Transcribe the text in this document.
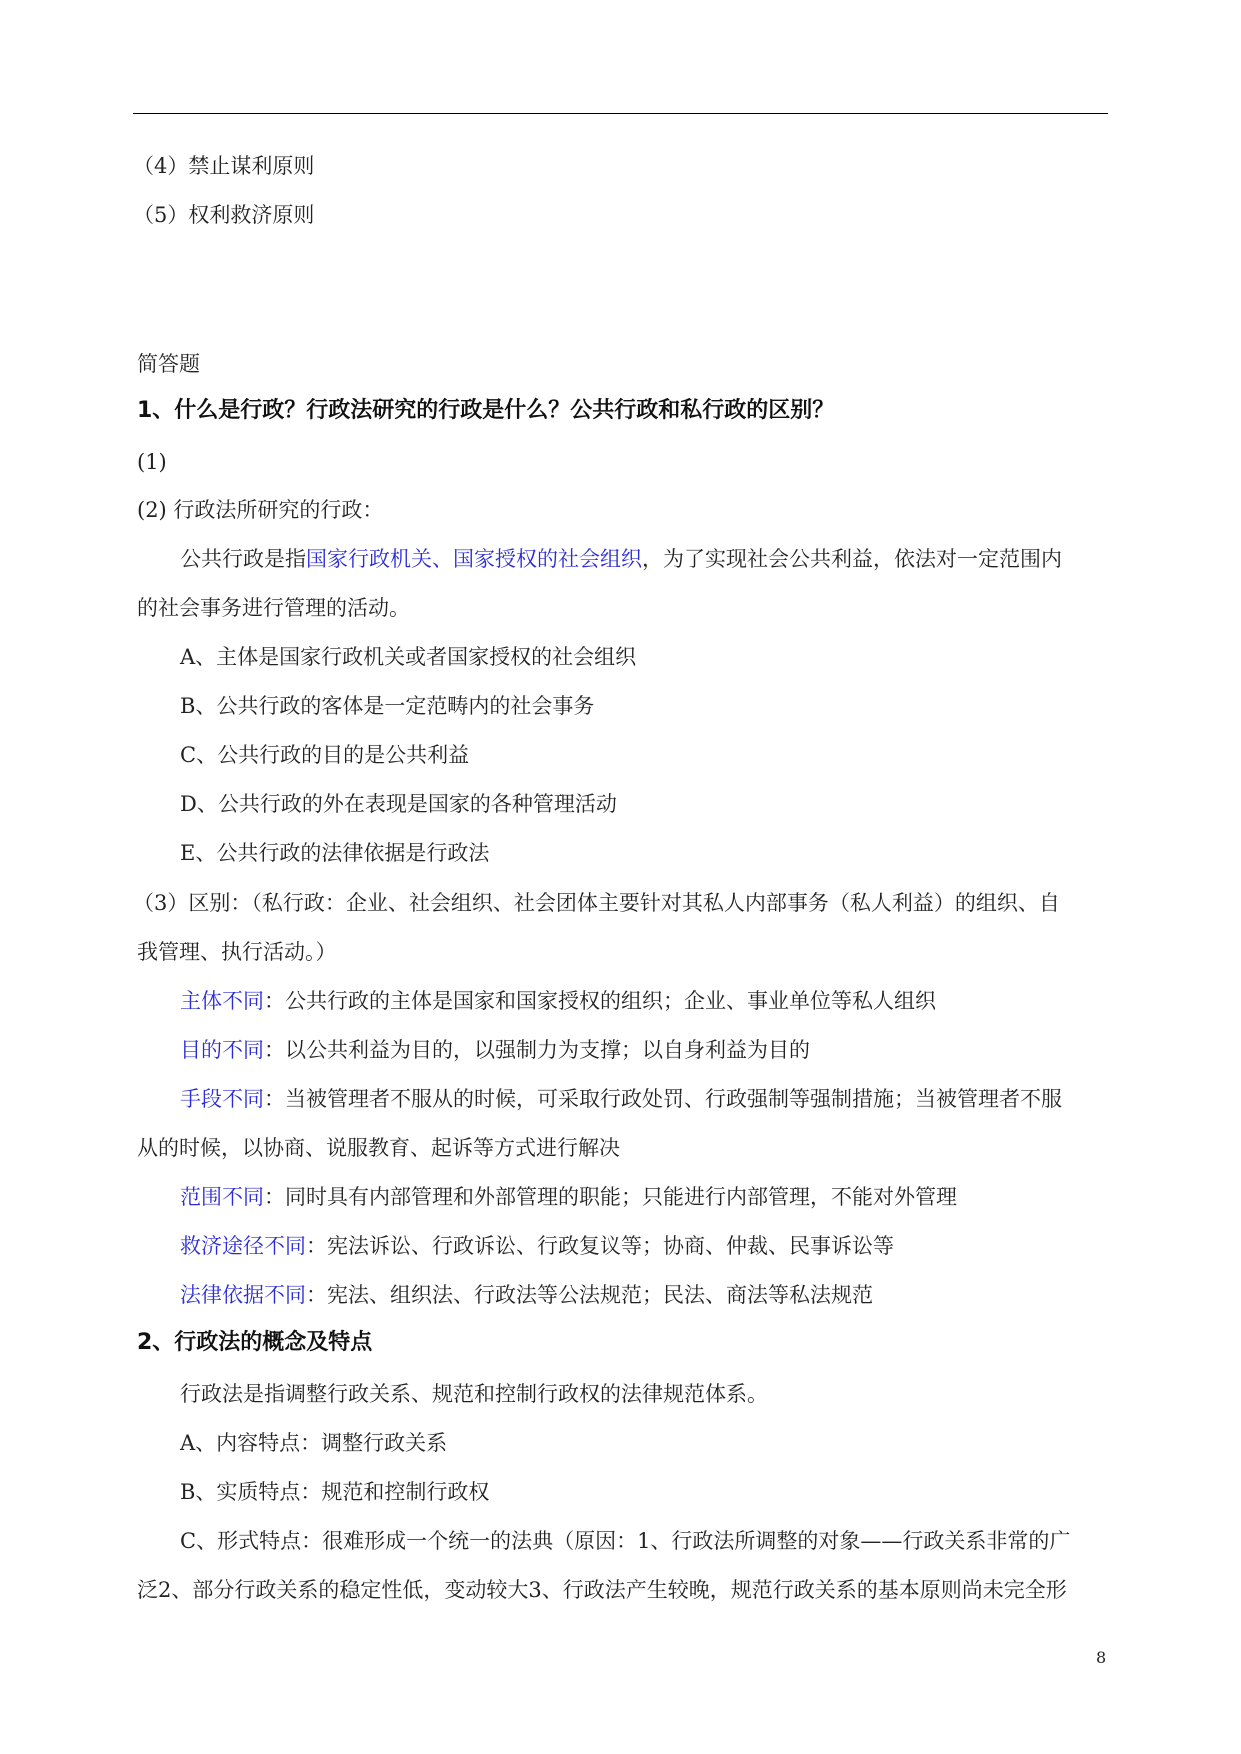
（4）禁止谋利原则
（5）权利救济原则
简答题
1、什么是行政？行政法研究的行政是什么？公共行政和私行政的区别？
(1)
(2) 行政法所研究的行政：
公共行政是指国家行政机关、国家授权的社会组织，为了实现社会公共利益，依法对一定范围内
的社会事务进行管理的活动。
A、主体是国家行政机关或者国家授权的社会组织
B、公共行政的客体是一定范畴内的社会事务
C、公共行政的目的是公共利益
D、公共行政的外在表现是国家的各种管理活动
E、公共行政的法律依据是行政法
（3）区别：（私行政：企业、社会组织、社会团体主要针对其私人内部事务（私人利益）的组织、自
我管理、执行活动。）
主体不同：公共行政的主体是国家和国家授权的组织；企业、事业单位等私人组织
目的不同：以公共利益为目的，以强制力为支撑；以自身利益为目的
手段不同：当被管理者不服从的时候，可采取行政处罚、行政强制等强制措施；当被管理者不服
从的时候，以协商、说服教育、起诉等方式进行解决
范围不同：同时具有内部管理和外部管理的职能；只能进行内部管理，不能对外管理
救济途径不同：宪法诉讼、行政诉讼、行政复议等；协商、仲裁、民事诉讼等
法律依据不同：宪法、组织法、行政法等公法规范；民法、商法等私法规范
2、行政法的概念及特点
行政法是指调整行政关系、规范和控制行政权的法律规范体系。
A、内容特点：调整行政关系
B、实质特点：规范和控制行政权
C、形式特点：很难形成一个统一的法典（原因：1、行政法所调整的对象——行政关系非常的广
泛2、部分行政关系的稳定性低，变动较大3、行政法产生较晚，规范行政关系的基本原则尚未完全形
8
